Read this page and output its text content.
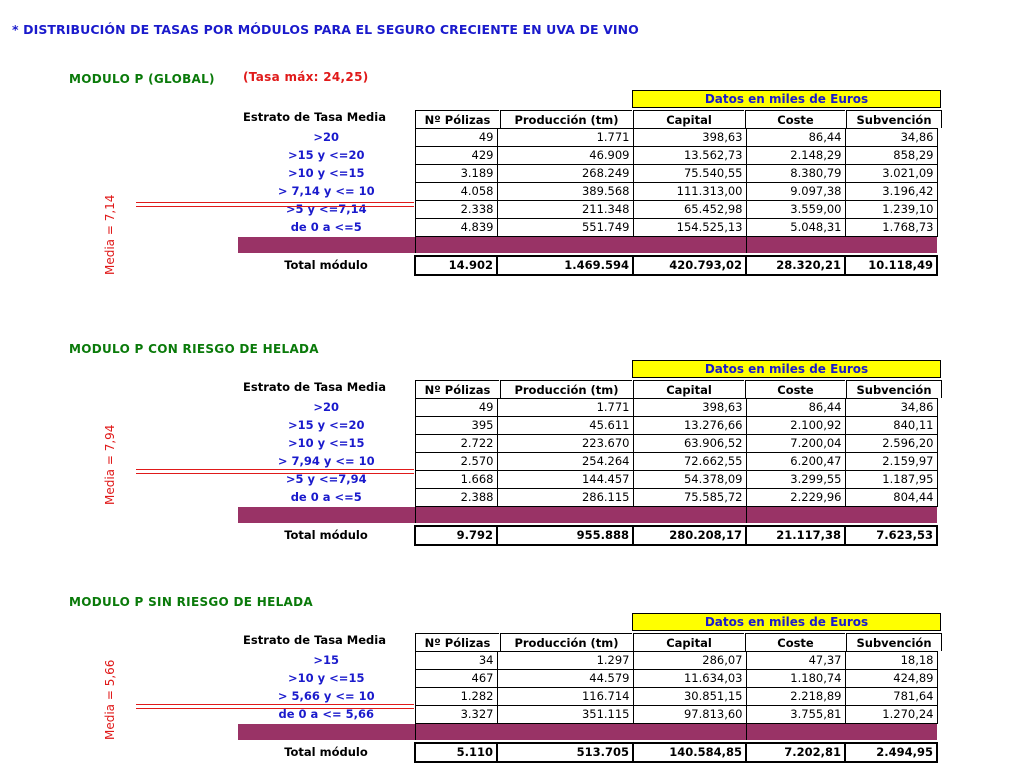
* DISTRIBUCIÓN DE TASAS POR MÓDULOS PARA EL SEGURO CRECIENTE EN UVA DE VINO
MODULO P (GLOBAL) (Tasa máx: 24,25)
Datos en miles de Euros
Estrato de Tasa Media	Nº Pólizas	Producción (tm)	Capital	Coste	Subvención
>20	49	1.771	398,63	86,44	34,86
>15 y <=20	429	46.909	13.562,73	2.148,29	858,29
>10 y <=15	3.189	268.249	75.540,55	8.380,79	3.021,09
> 7,14 y <= 10	4.058	389.568	111.313,00	9.097,38	3.196,42
>5 y <=7,14	2.338	211.348	65.452,98	3.559,00	1.239,10
de 0 a <=5	4.839	551.749	154.525,13	5.048,31	1.768,73

Total módulo	14.902	1.469.594	420.793,02	28.320,21	10.118,49
Media = 7,14
MODULO P CON RIESGO DE HELADA
Datos en miles de Euros
Estrato de Tasa Media	Nº Pólizas	Producción (tm)	Capital	Coste	Subvención
>20	49	1.771	398,63	86,44	34,86
>15 y <=20	395	45.611	13.276,66	2.100,92	840,11
>10 y <=15	2.722	223.670	63.906,52	7.200,04	2.596,20
> 7,94 y <= 10	2.570	254.264	72.662,55	6.200,47	2.159,97
>5 y <=7,94	1.668	144.457	54.378,09	3.299,55	1.187,95
de 0 a <=5	2.388	286.115	75.585,72	2.229,96	804,44

Total módulo	9.792	955.888	280.208,17	21.117,38	7.623,53
Media = 7,94
MODULO P SIN RIESGO DE HELADA
Datos en miles de Euros
Estrato de Tasa Media	Nº Pólizas	Producción (tm)	Capital	Coste	Subvención
>15	34	1.297	286,07	47,37	18,18
>10 y <=15	467	44.579	11.634,03	1.180,74	424,89
> 5,66 y <= 10	1.282	116.714	30.851,15	2.218,89	781,64
de 0 a <= 5,66	3.327	351.115	97.813,60	3.755,81	1.270,24

Total módulo	5.110	513.705	140.584,85	7.202,81	2.494,95
Media = 5,66
